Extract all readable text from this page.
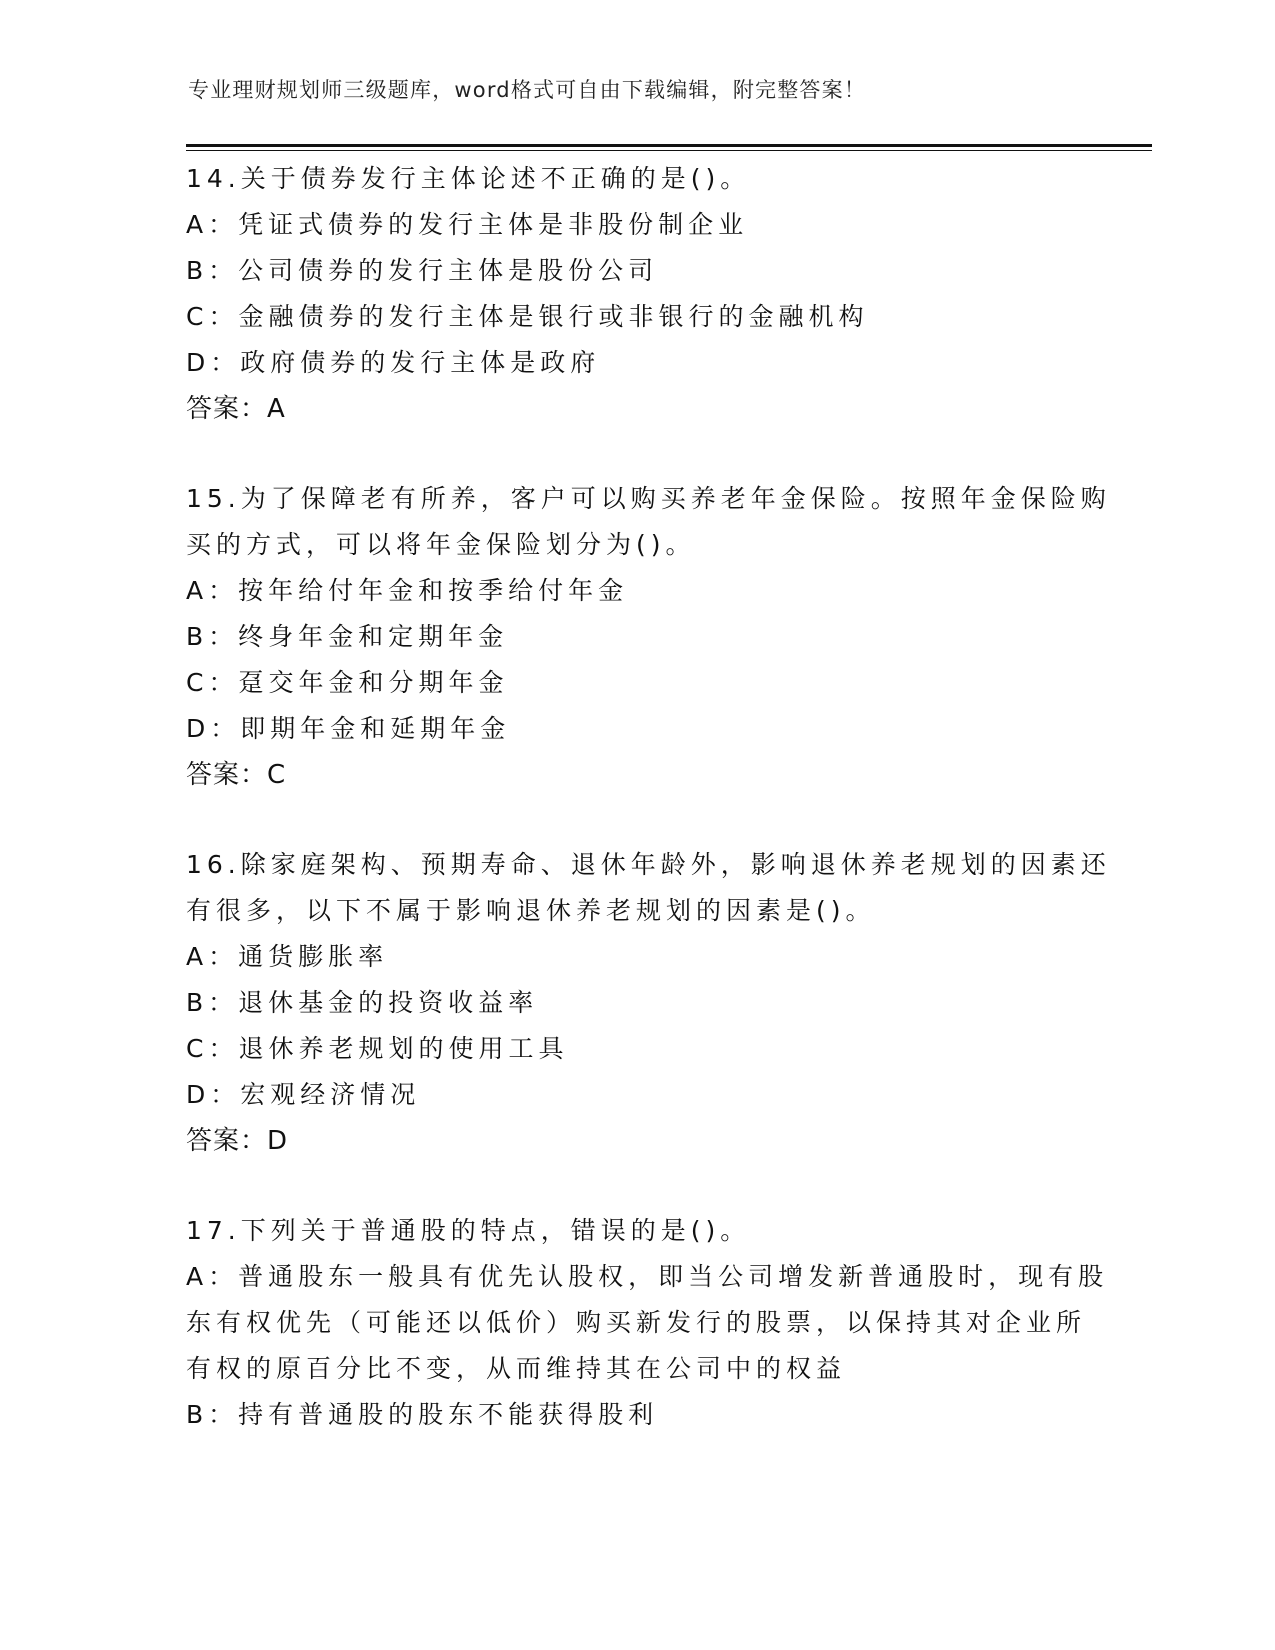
专业理财规划师三级题库，word格式可自由下载编辑，附完整答案！
14.关于债券发行主体论述不正确的是()。
A：凭证式债券的发行主体是非股份制企业
B：公司债券的发行主体是股份公司
C：金融债券的发行主体是银行或非银行的金融机构
D：政府债券的发行主体是政府
答案：A
15.为了保障老有所养，客户可以购买养老年金保险。按照年金保险购
买的方式，可以将年金保险划分为()。
A：按年给付年金和按季给付年金
B：终身年金和定期年金
C：趸交年金和分期年金
D：即期年金和延期年金
答案：C
16.除家庭架构、预期寿命、退休年龄外，影响退休养老规划的因素还
有很多，以下不属于影响退休养老规划的因素是()。
A：通货膨胀率
B：退休基金的投资收益率
C：退休养老规划的使用工具
D：宏观经济情况
答案：D
17.下列关于普通股的特点，错误的是()。
A：普通股东一般具有优先认股权，即当公司增发新普通股时，现有股
东有权优先（可能还以低价）购买新发行的股票，以保持其对企业所
有权的原百分比不变，从而维持其在公司中的权益
B：持有普通股的股东不能获得股利
